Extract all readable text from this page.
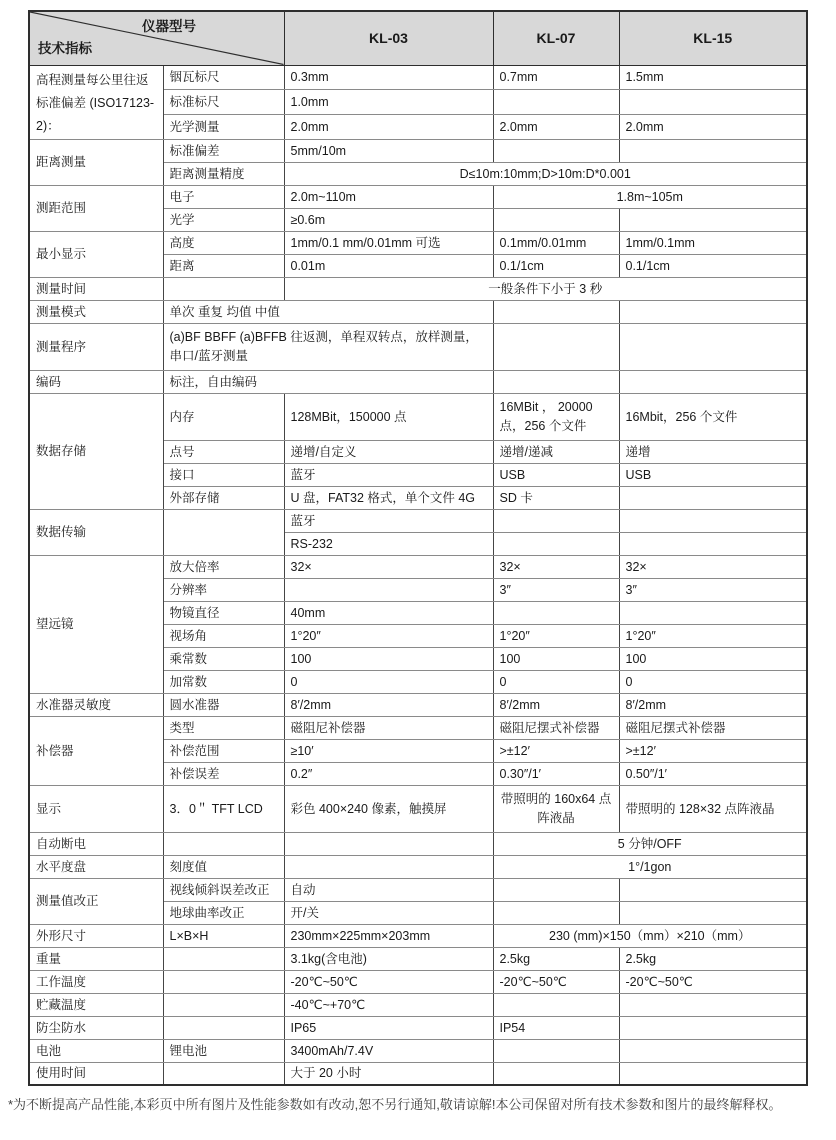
仪器型号
技术指标		KL-03	KL-07	KL-15
高程测量每公里往返标准偏差 (ISO17123-2)：	铟瓦标尺	0.3mm	0.7mm	1.5mm
	标准标尺	1.0mm		
	光学测量	2.0mm	2.0mm	2.0mm
距离测量	标准偏差	5mm/10m		
	距离测量精度	D≤10m:10mm;D>10m:D*0.001		
测距范围	电子	2.0m~110m	1.8m~105m	
	光学	≥0.6m		
最小显示	高度	1mm/0.1 mm/0.01mm 可选	0.1mm/0.01mm	1mm/0.1mm
	距离	0.01m	0.1/1cm	0.1/1cm
测量时间		一般条件下小于 3 秒		
测量模式	单次 重复 均值 中值			
测量程序	(a)BF BBFF (a)BFFB 往返测，单程双转点，放样测量，串口/蓝牙测量			
编码	标注，自由编码			
数据存储	内存	128MBit，150000 点	16MBit ， 20000 点，256 个文件	16Mbit，256 个文件
	点号	递增/自定义	递增/递减	递增
	接口	蓝牙	USB	USB
	外部存储	U 盘，FAT32 格式，单个文件 4G	SD 卡	
数据传输		蓝牙		
		RS-232		
望远镜	放大倍率	32×	32×	32×
	分辨率		3″	3″
	物镜直径	40mm		
	视场角	1°20″	1°20″	1°20″
	乘常数	100	100	100
	加常数	0	0	0
水准器灵敏度	圆水准器	8′/2mm	8′/2mm	8′/2mm
补偿器	类型	磁阻尼补偿器	磁阻尼摆式补偿器	磁阻尼摆式补偿器
	补偿范围	≥10′	>±12′	>±12′
	补偿误差	0.2″	0.30″/1′	0.50″/1′
显示	3．0＂ TFT LCD	彩色 400×240 像素，触摸屏	带照明的 160x64 点阵液晶	带照明的 128×32 点阵液晶
自动断电			5 分钟/OFF	
水平度盘	刻度值		1°/1gon	
测量值改正	视线倾斜误差改正	自动		
	地球曲率改正	开/关		
外形尺寸	L×B×H	230mm×225mm×203mm	230 (mm)×150（mm）×210（mm）	
重量		3.1kg(含电池)	2.5kg	2.5kg
工作温度		-20℃~50℃	-20℃~50℃	-20℃~50℃
贮藏温度		-40℃~+70℃		
防尘防水		IP65	IP54	
电池	锂电池	3400mAh/7.4V		
使用时间		大于 20 小时		
*为不断提高产品性能,本彩页中所有图片及性能参数如有改动,恕不另行通知,敬请谅解!本公司保留对所有技术参数和图片的最终解释权。
